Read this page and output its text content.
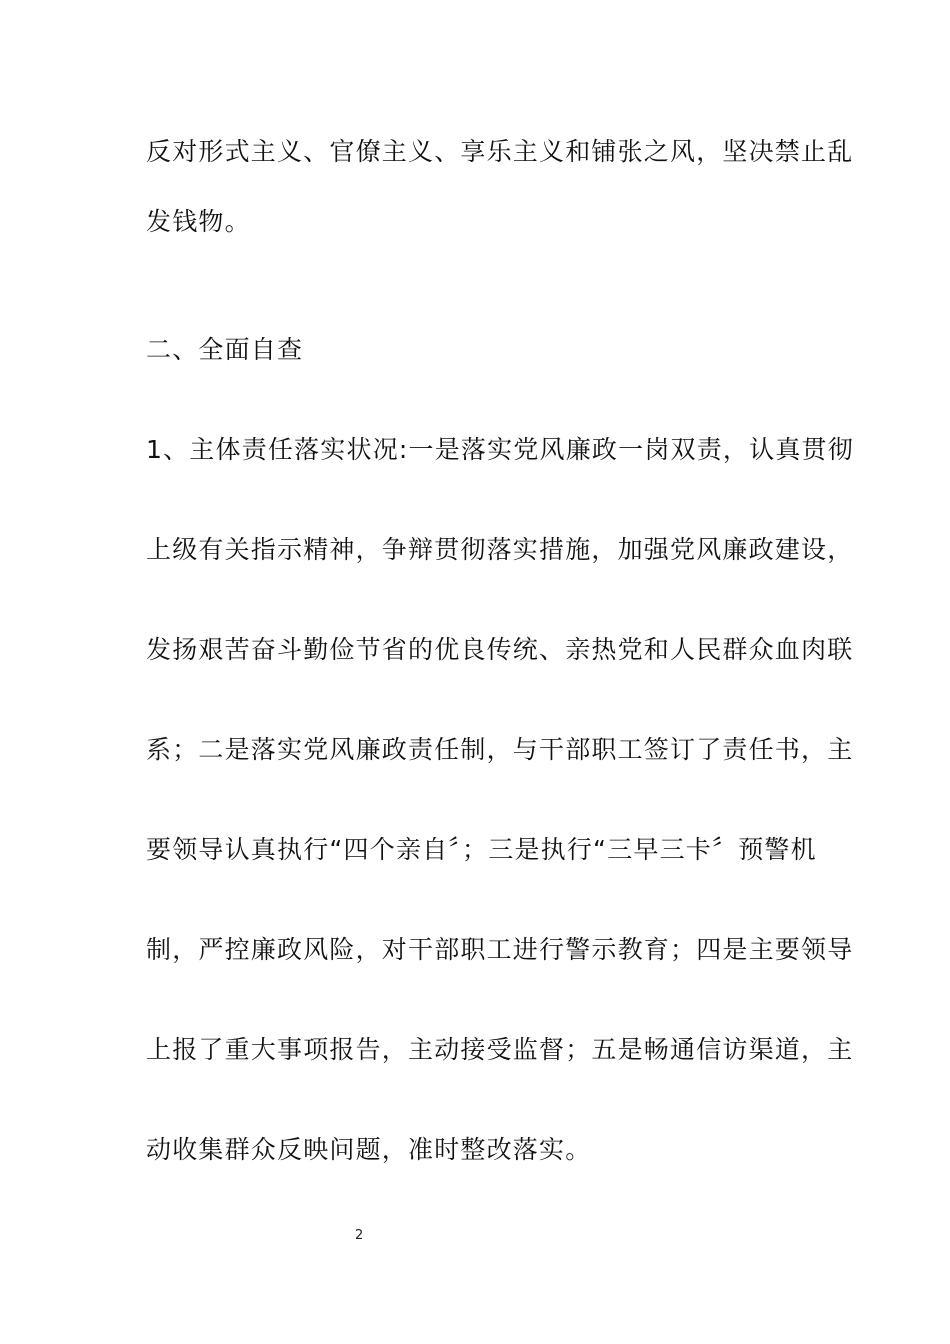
反对形式主义、官僚主义、享乐主义和铺张之风，坚决禁止乱
发钱物。
二、全面自查
1、主体责任落实状况:一是落实党风廉政一岗双责，认真贯彻
上级有关指示精神，争辩贯彻落实措施，加强党风廉政建设，
发扬艰苦奋斗勤俭节省的优良传统、亲热党和人民群众血肉联
系；二是落实党风廉政责任制，与干部职工签订了责任书，主
要领导认真执行“四个亲自〞；三是执行“三早三卡〞预警机
制，严控廉政风险，对干部职工进行警示教育；四是主要领导
上报了重大事项报告，主动接受监督；五是畅通信访渠道，主
动收集群众反映问题，准时整改落实。
2
